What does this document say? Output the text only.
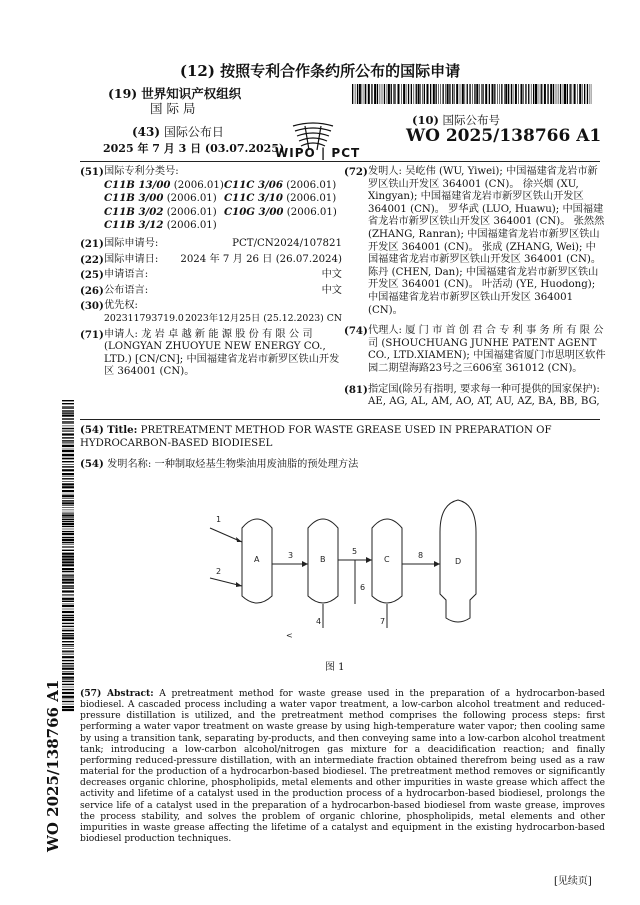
(12) 按照专利合作条约所公布的国际申请
(19) 世界知识产权组织
国 际 局
(10) 国际公布号
WO 2025/138766 A1
(43) 国际公布日
2025 年 7 月 3 日 (03.07.2025)
WIPO | PCT
(51) 国际专利分类号:
C11B 13/00 (2006.01) C11C 3/06 (2006.01)
C11B 3/00 (2006.01) C11C 3/10 (2006.01)
C11B 3/02 (2006.01) C10G 3/00 (2006.01)
C11B 3/12 (2006.01)
(21) 国际申请号:	PCT/CN2024/107821
(22) 国际申请日: 2024 年 7 月 26 日 (26.07.2024)
(25) 申请语言:	中文
(26) 公布语言:	中文
(30) 优先权:
202311793719.0 2023年12月25日 (25.12.2023) CN
(71) 申请人: 龙 岩 卓 越 新 能 源 股 份 有 限 公 司 (LONGYAN ZHUOYUE NEW ENERGY CO., LTD.) [CN/CN]; 中国福建省龙岩市新罗区铁山开发区 364001 (CN)。
(72) 发明人: 吴屹伟 (WU, Yiwei); 中国福建省龙岩市新罗区铁山开发区 364001 (CN)。 徐兴烟 (XU, Xingyan); 中国福建省龙岩市新罗区铁山开发区 364001 (CN)。 罗华武 (LUO, Huawu); 中国福建省龙岩市新罗区铁山开发区 364001 (CN)。 张然然 (ZHANG, Ranran); 中国福建省龙岩市新罗区铁山开发区 364001 (CN)。 张成 (ZHANG, Wei); 中国福建省龙岩市新罗区铁山开发区 364001 (CN)。 陈丹 (CHEN, Dan); 中国福建省龙岩市新罗区铁山开发区 364001 (CN)。 叶活动 (YE, Huodong); 中国福建省龙岩市新罗区铁山开发区 364001 (CN)。
(74) 代理人: 厦 门 市 首 创 君 合 专 利 事 务 所 有 限 公 司 (SHOUCHUANG JUNHE PATENT AGENT CO., LTD.XIAMEN); 中国福建省厦门市思明区软件园二期望海路23号之三606室 361012 (CN)。
(81) 指定国(除另有指明, 要求每一种可提供的国家保护): AE, AG, AL, AM, AO, AT, AU, AZ, BA, BB, BG,
(54) Title: PRETREATMENT METHOD FOR WASTE GREASE USED IN PREPARATION OF HYDROCARBON-BASED BIODIESEL
(54) 发明名称: 一种制取烃基生物柴油用废油脂的预处理方法
1
2
A	3	B
4
5
6
C
7
8
D
<
图 1
(57) Abstract: A pretreatment method for waste grease used in the preparation of a hydrocarbon-based biodiesel. A cascaded process including a water vapor treatment, a low-carbon alcohol treatment and reduced-pressure distillation is utilized, and the pretreatment method comprises the following process steps: first performing a water vapor treatment on waste grease by using high-temperature water vapor; then cooling same by using a transition tank, separating by-products, and then conveying same into a low-carbon alcohol treatment tank; introducing a low-carbon alcohol/nitrogen gas mixture for a deacidification reaction; and finally performing reduced-pressure distillation, with an intermediate fraction obtained therefrom being used as a raw material for the production of a hydrocarbon-based biodiesel. The pretreatment method removes or significantly decreases organic chlorine, phospholipids, metal elements and other impurities in waste grease which affect the activity and lifetime of a catalyst used in the production process of a hydrocarbon-based biodiesel, prolongs the service life of a catalyst used in the preparation of a hydrocarbon-based biodiesel from waste grease, improves the process stability, and solves the problem of organic chlorine, phospholipids, metal elements and other impurities in waste grease affecting the lifetime of a catalyst and equipment in the existing hydrocarbon-based biodiesel production techniques.
WO 2025/138766 A1
[见续页]
